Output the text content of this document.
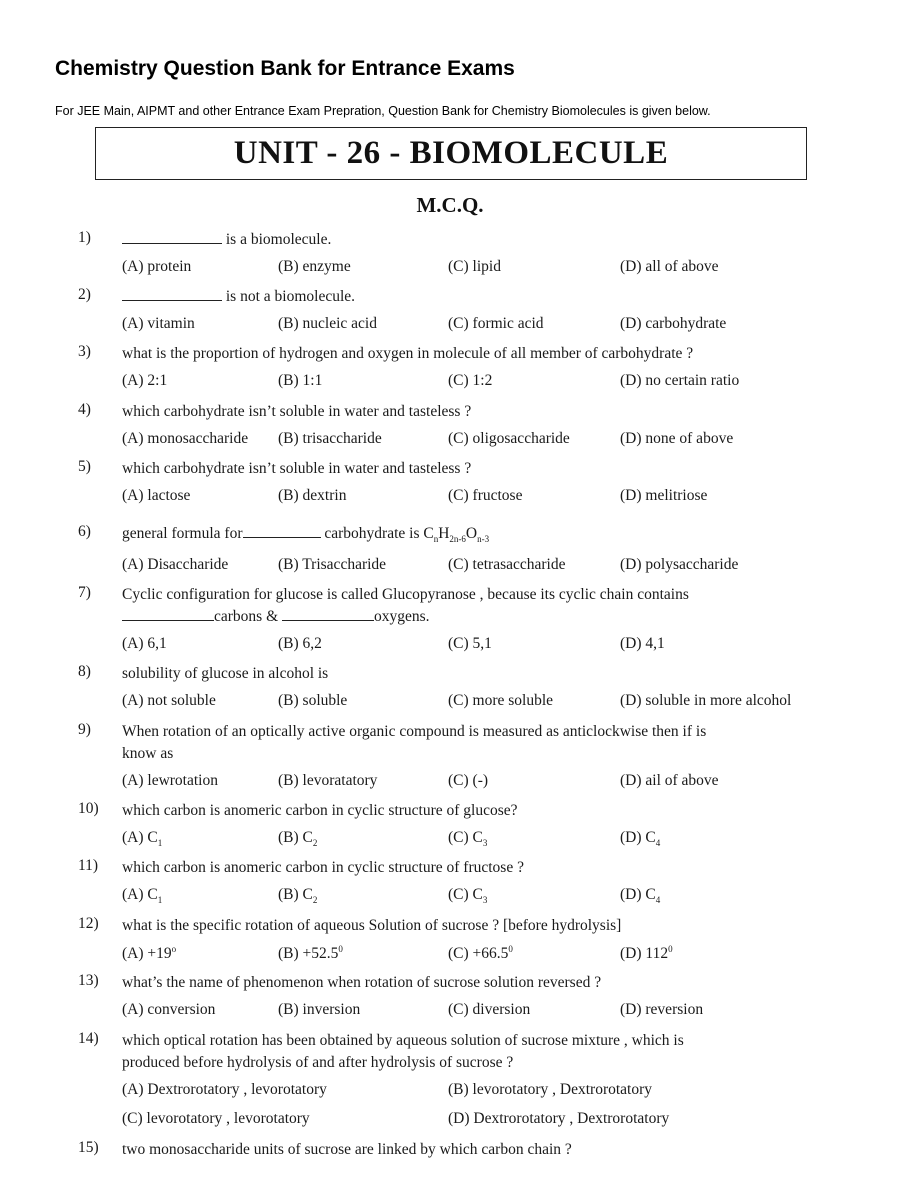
Chemistry Question Bank for Entrance Exams

For JEE Main, AIPMT and other Entrance Exam Prepration, Question Bank for Chemistry Biomolecules is given below.

UNIT - 26 - BIOMOLECULE
M.C.Q.
1)	is a biomolecule.
(A) protein	(B) enzyme	(C) lipid	(D) all of above
2)	is not a biomolecule.
(A) vitamin	(B) nucleic acid	(C) formic acid	(D) carbohydrate
3) what is the proportion of hydrogen and oxygen in molecule of all member of carbohydrate ?
(A) 2:1	(B) 1:1	(C) 1:2	(D) no certain ratio
4) which carbohydrate isn’t soluble in water and tasteless ?
(A) monosaccharide (B) trisaccharide	(C) oligosaccharide	(D) none of above
5) which carbohydrate isn’t soluble in water and tasteless ?
(A) lactose	(B) dextrin	(C) fructose	(D) melitriose
6) general formula for	carbohydrate is $C_nH_{2n-6}O_{n-3}$
(A) Disaccharide	(B) Trisaccharide	(C) tetrasaccharide	(D) polysaccharide
7) Cyclic configuration for glucose is called Glucopyranose , because its cyclic chain contains
carbons &	oxygens.
(A) 6,1	(B) 6,2	(C) 5,1	(D) 4,1
8) solubility of glucose in alcohol is
(A) not soluble	(B) soluble	(C) more soluble	(D) soluble in more alcohol
9) When rotation of an optically active organic compound is measured as anticlockwise then if is
know as
(A) lewrotation	(B) levoratatory	(C) (-)	(D) ail of above
10) which carbon is anomeric carbon in cyclic structure of glucose?
(A) $C_1$	(B) $C_2$	(C) $C_3$	(D) $C_4$
11) which carbon is anomeric carbon in cyclic structure of fructose ?
(A) $C_1$	(B) $C_2$	(C) $C_3$	(D) $C_4$
12) what is the specific rotation of aqueous Solution of sucrose ? [before hydrolysis]
$(A) +19^o$	$(B) +52.5^0$	$(C) +66.5^0$	(D) $112^0$
13) what’s the name of phenomenon when rotation of sucrose solution reversed ?
(A) conversion	(B) inversion	(C) diversion	(D) reversion
14) which optical rotation has been obtained by aqueous solution of sucrose mixture , which is
produced before hydrolysis of and after hydrolysis of sucrose ?
(A) Dextrorotatory , levorotatory	(B) levorotatory , Dextrorotatory
(C) levorotatory , levorotatory	(D) Dextrorotatory , Dextrorotatory
15) two monosaccharide units of sucrose are linked by which carbon chain ?
